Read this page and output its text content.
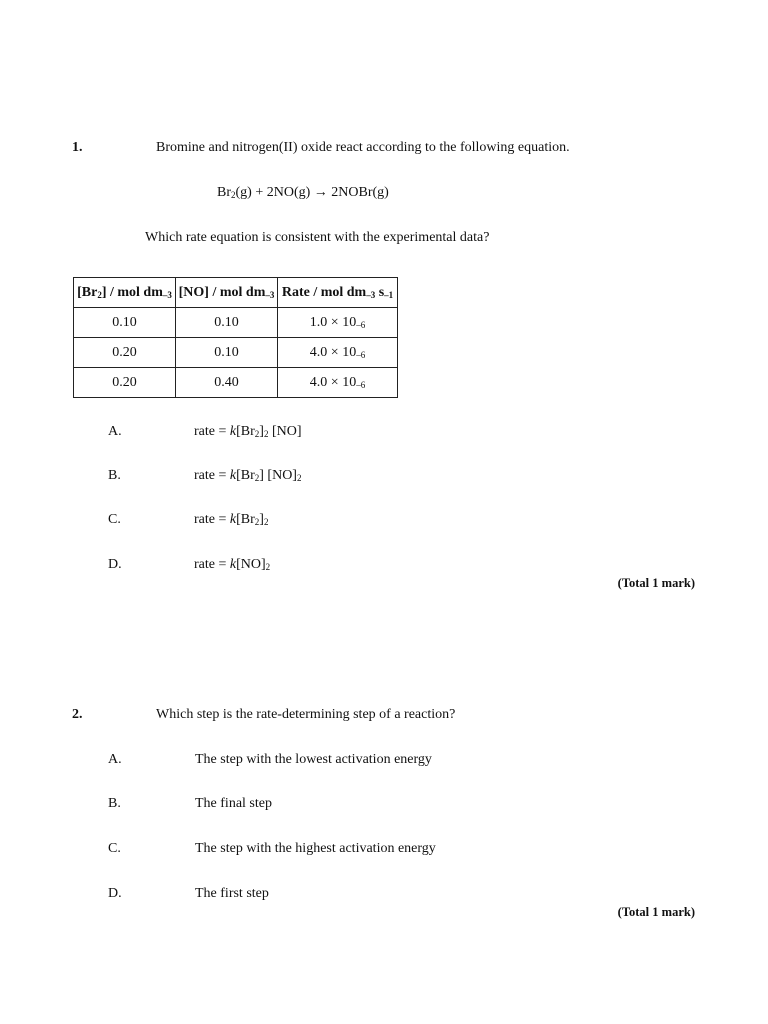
1.	Bromine and nitrogen(II) oxide react according to the following equation.
$Br_2(g) + 2NO(g)$ → 2NOBr(g)
Which rate equation is consistent with the experimental data?
$[Br_2]$ / mol $dm^{-3}$	[NO] / mol $dm^{-3}$	Rate / mol $dm^{-3}$ $s^{-1}$
0.10	0.10	$1.0 \times 10_{-6}$
0.20	0.10	$4.0 \times 10_{-6}$
0.20	0.40	$4.0 \times 10_{-6}$
A.	rate = $k[Br_2]_2$ [NO]
B.	rate = $k[Br_2]$ $[NO]_2$
C.	rate = $k[Br_2]_2$
D.	rate = $k[NO]_2$
(Total 1 mark)
2.	Which step is the rate-determining step of a reaction?
A.	The step with the lowest activation energy
B.	The final step
C.	The step with the highest activation energy
D.	The first step
(Total 1 mark)
